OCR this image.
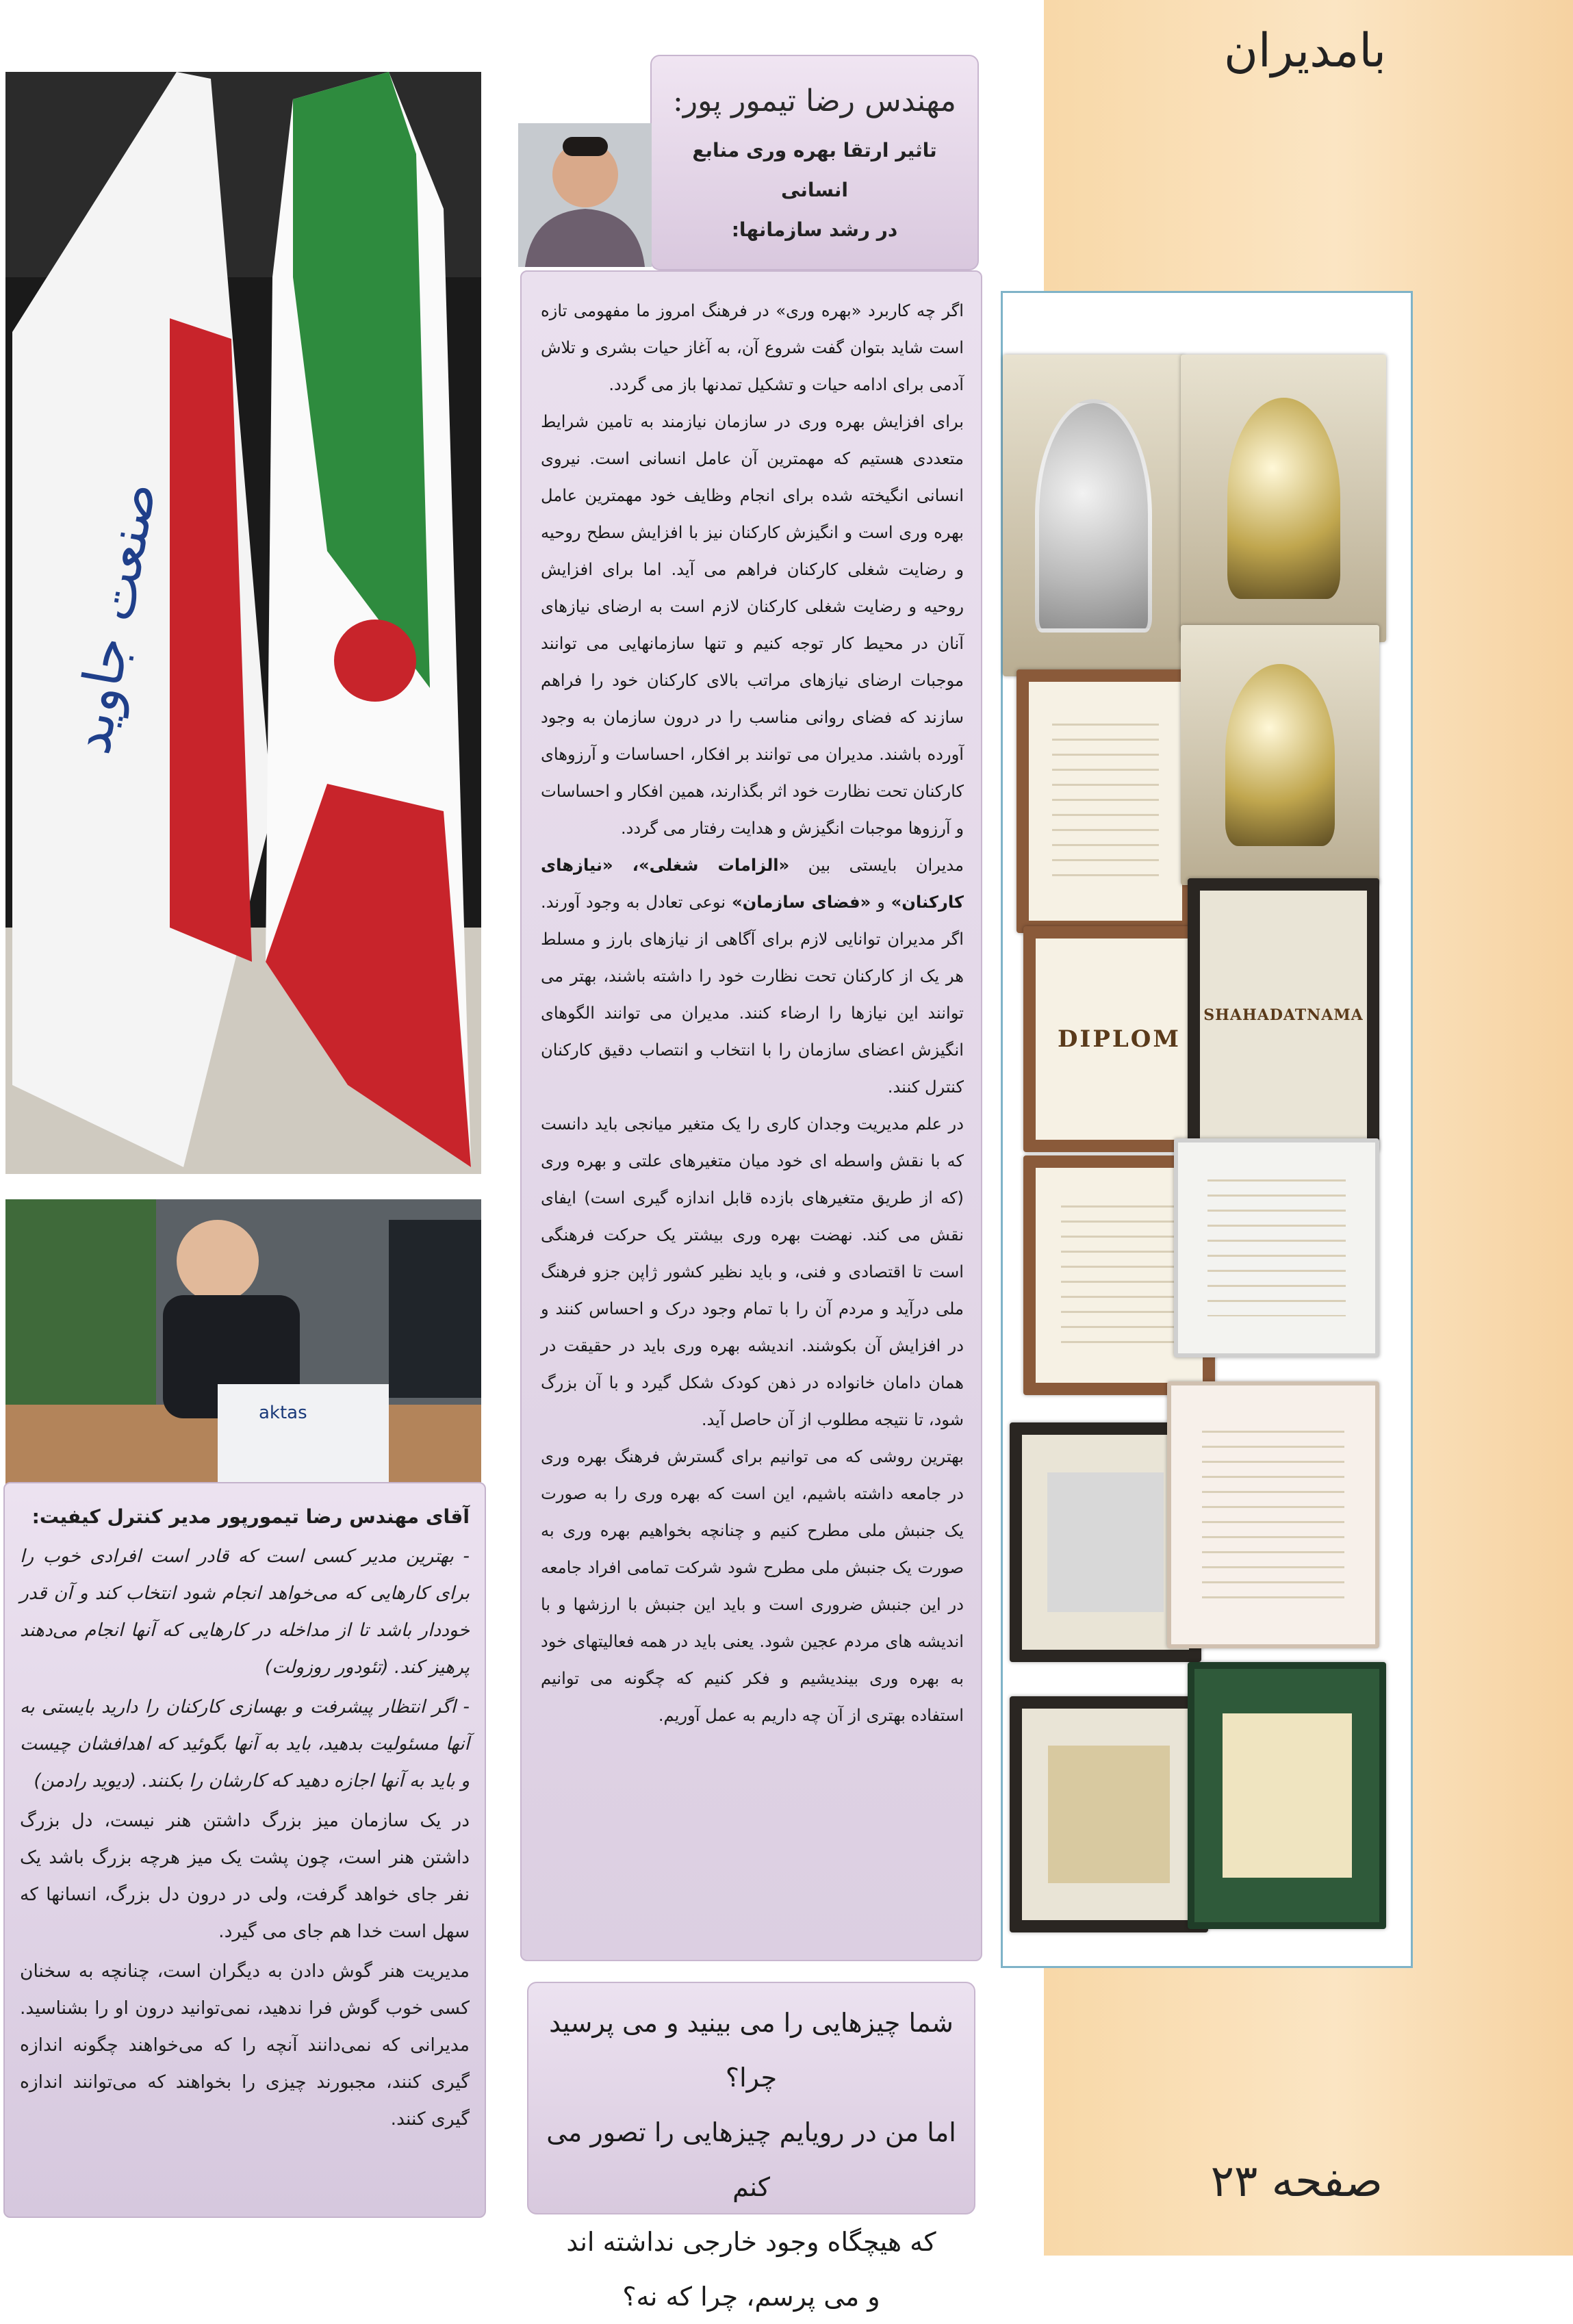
بامدیران
صفحه ۲۳
DIPLOM
SHAHADATNAMA
صنعت جاوید
aktas

آقای مهندس رضا تیمورپور مدیر کنترل کیفیت:

- بهترین مدیر کسی است که قادر است افرادی خوب را برای کارهایی که می‌خواهد انجام شود انتخاب کند و آن قدر خوددار باشد تا از مداخله در کارهایی که آنها انجام می‌دهند پرهیز کند. (تئودور روزولت)

- اگر انتظار پیشرفت و بهسازی کارکنان را دارید بایستی به آنها مسئولیت بدهید، باید به آنها بگوئید که اهدافشان چیست و باید به آنها اجازه دهید که کارشان را بکنند. (دیوید رادمن)

در یک سازمان میز بزرگ داشتن هنر نیست، دل بزرگ داشتن هنر است، چون پشت یک میز هرچه بزرگ باشد یک نفر جای خواهد گرفت، ولی در درون دل بزرگ، انسانها که سهل است خدا هم جای می گیرد.

مدیریت هنر گوش دادن به دیگران است، چنانچه به سخنان کسی خوب گوش فرا ندهید، نمی‌توانید درون او را بشناسید. مدیرانی که نمی‌دانند آنچه را که می‌خواهند چگونه اندازه گیری کنند، مجبورند چیزی را بخواهند که می‌توانند اندازه گیری کنند.

مهندس رضا تیمور پور:
تاثیر ارتقا بهره وری منابع انسانی
در رشد سازمانها:

اگر چه کاربرد «بهره وری» در فرهنگ امروز ما مفهومی تازه است شاید بتوان گفت شروع آن، به آغاز حیات بشری و تلاش آدمی برای ادامه حیات و تشکیل تمدنها باز می گردد.

برای افزایش بهره وری در سازمان نیازمند به تامین شرایط متعددی هستیم که مهمترین آن عامل انسانی است. نیروی انسانی انگیخته شده برای انجام وظایف خود مهمترین عامل بهره وری است و انگیزش کارکنان نیز با افزایش سطح روحیه و رضایت شغلی کارکنان فراهم می آید. اما برای افزایش روحیه و رضایت شغلی کارکنان لازم است به ارضای نیازهای آنان در محیط کار توجه کنیم و تنها سازمانهایی می توانند موجبات ارضای نیازهای مراتب بالای کارکنان خود را فراهم سازند که فضای روانی مناسب را در درون سازمان به وجود آورده باشند. مدیران می توانند بر افکار، احساسات و آرزوهای کارکنان تحت نظارت خود اثر بگذارند، همین افکار و احساسات و آرزوها موجبات انگیزش و هدایت رفتار می گردد.

مدیران بایستی بین «الزامات شغلی»، «نیازهای کارکنان» و «فضای سازمان» نوعی تعادل به وجود آورند. اگر مدیران توانایی لازم برای آگاهی از نیازهای بارز و مسلط هر یک از کارکنان تحت نظارت خود را داشته باشند، بهتر می توانند این نیازها را ارضاء کنند. مدیران می توانند الگوهای انگیزش اعضای سازمان را با انتخاب و انتصاب دقیق کارکنان کنترل کنند.

در علم مدیریت وجدان کاری را یک متغیر میانجی باید دانست که با نقش واسطه ای خود میان متغیرهای علتی و بهره وری (که از طریق متغیرهای بازده قابل اندازه گیری است) ایفای نقش می کند. نهضت بهره وری بیشتر یک حرکت فرهنگی است تا اقتصادی و فنی، و باید نظیر کشور ژاپن جزو فرهنگ ملی درآید و مردم آن را با تمام وجود درک و احساس کنند و در افزایش آن بکوشند. اندیشه بهره وری باید در حقیقت در همان دامان خانواده در ذهن کودک شکل گیرد و با آن بزرگ شود، تا نتیجه مطلوب از آن حاصل آید.

بهترین روشی که می توانیم برای گسترش فرهنگ بهره وری در جامعه داشته باشیم، این است که بهره وری را به صورت یک جنبش ملی مطرح کنیم و چنانچه بخواهیم بهره وری به صورت یک جنبش ملی مطرح شود شرکت تمامی افراد جامعه در این جنبش ضروری است و باید این جنبش با ارزشها و با اندیشه های مردم عجین شود. یعنی باید در همه فعالیتهای خود به بهره وری بیندیشیم و فکر کنیم که چگونه می توانیم استفاده بهتری از آن چه داریم به عمل آوریم.

شما چیزهایی را می بینید و می پرسید چرا؟

اما من در رویایم چیزهایی را تصور می کنم

که هیچگاه وجود خارجی نداشته اند

و می پرسم، چرا که نه؟
